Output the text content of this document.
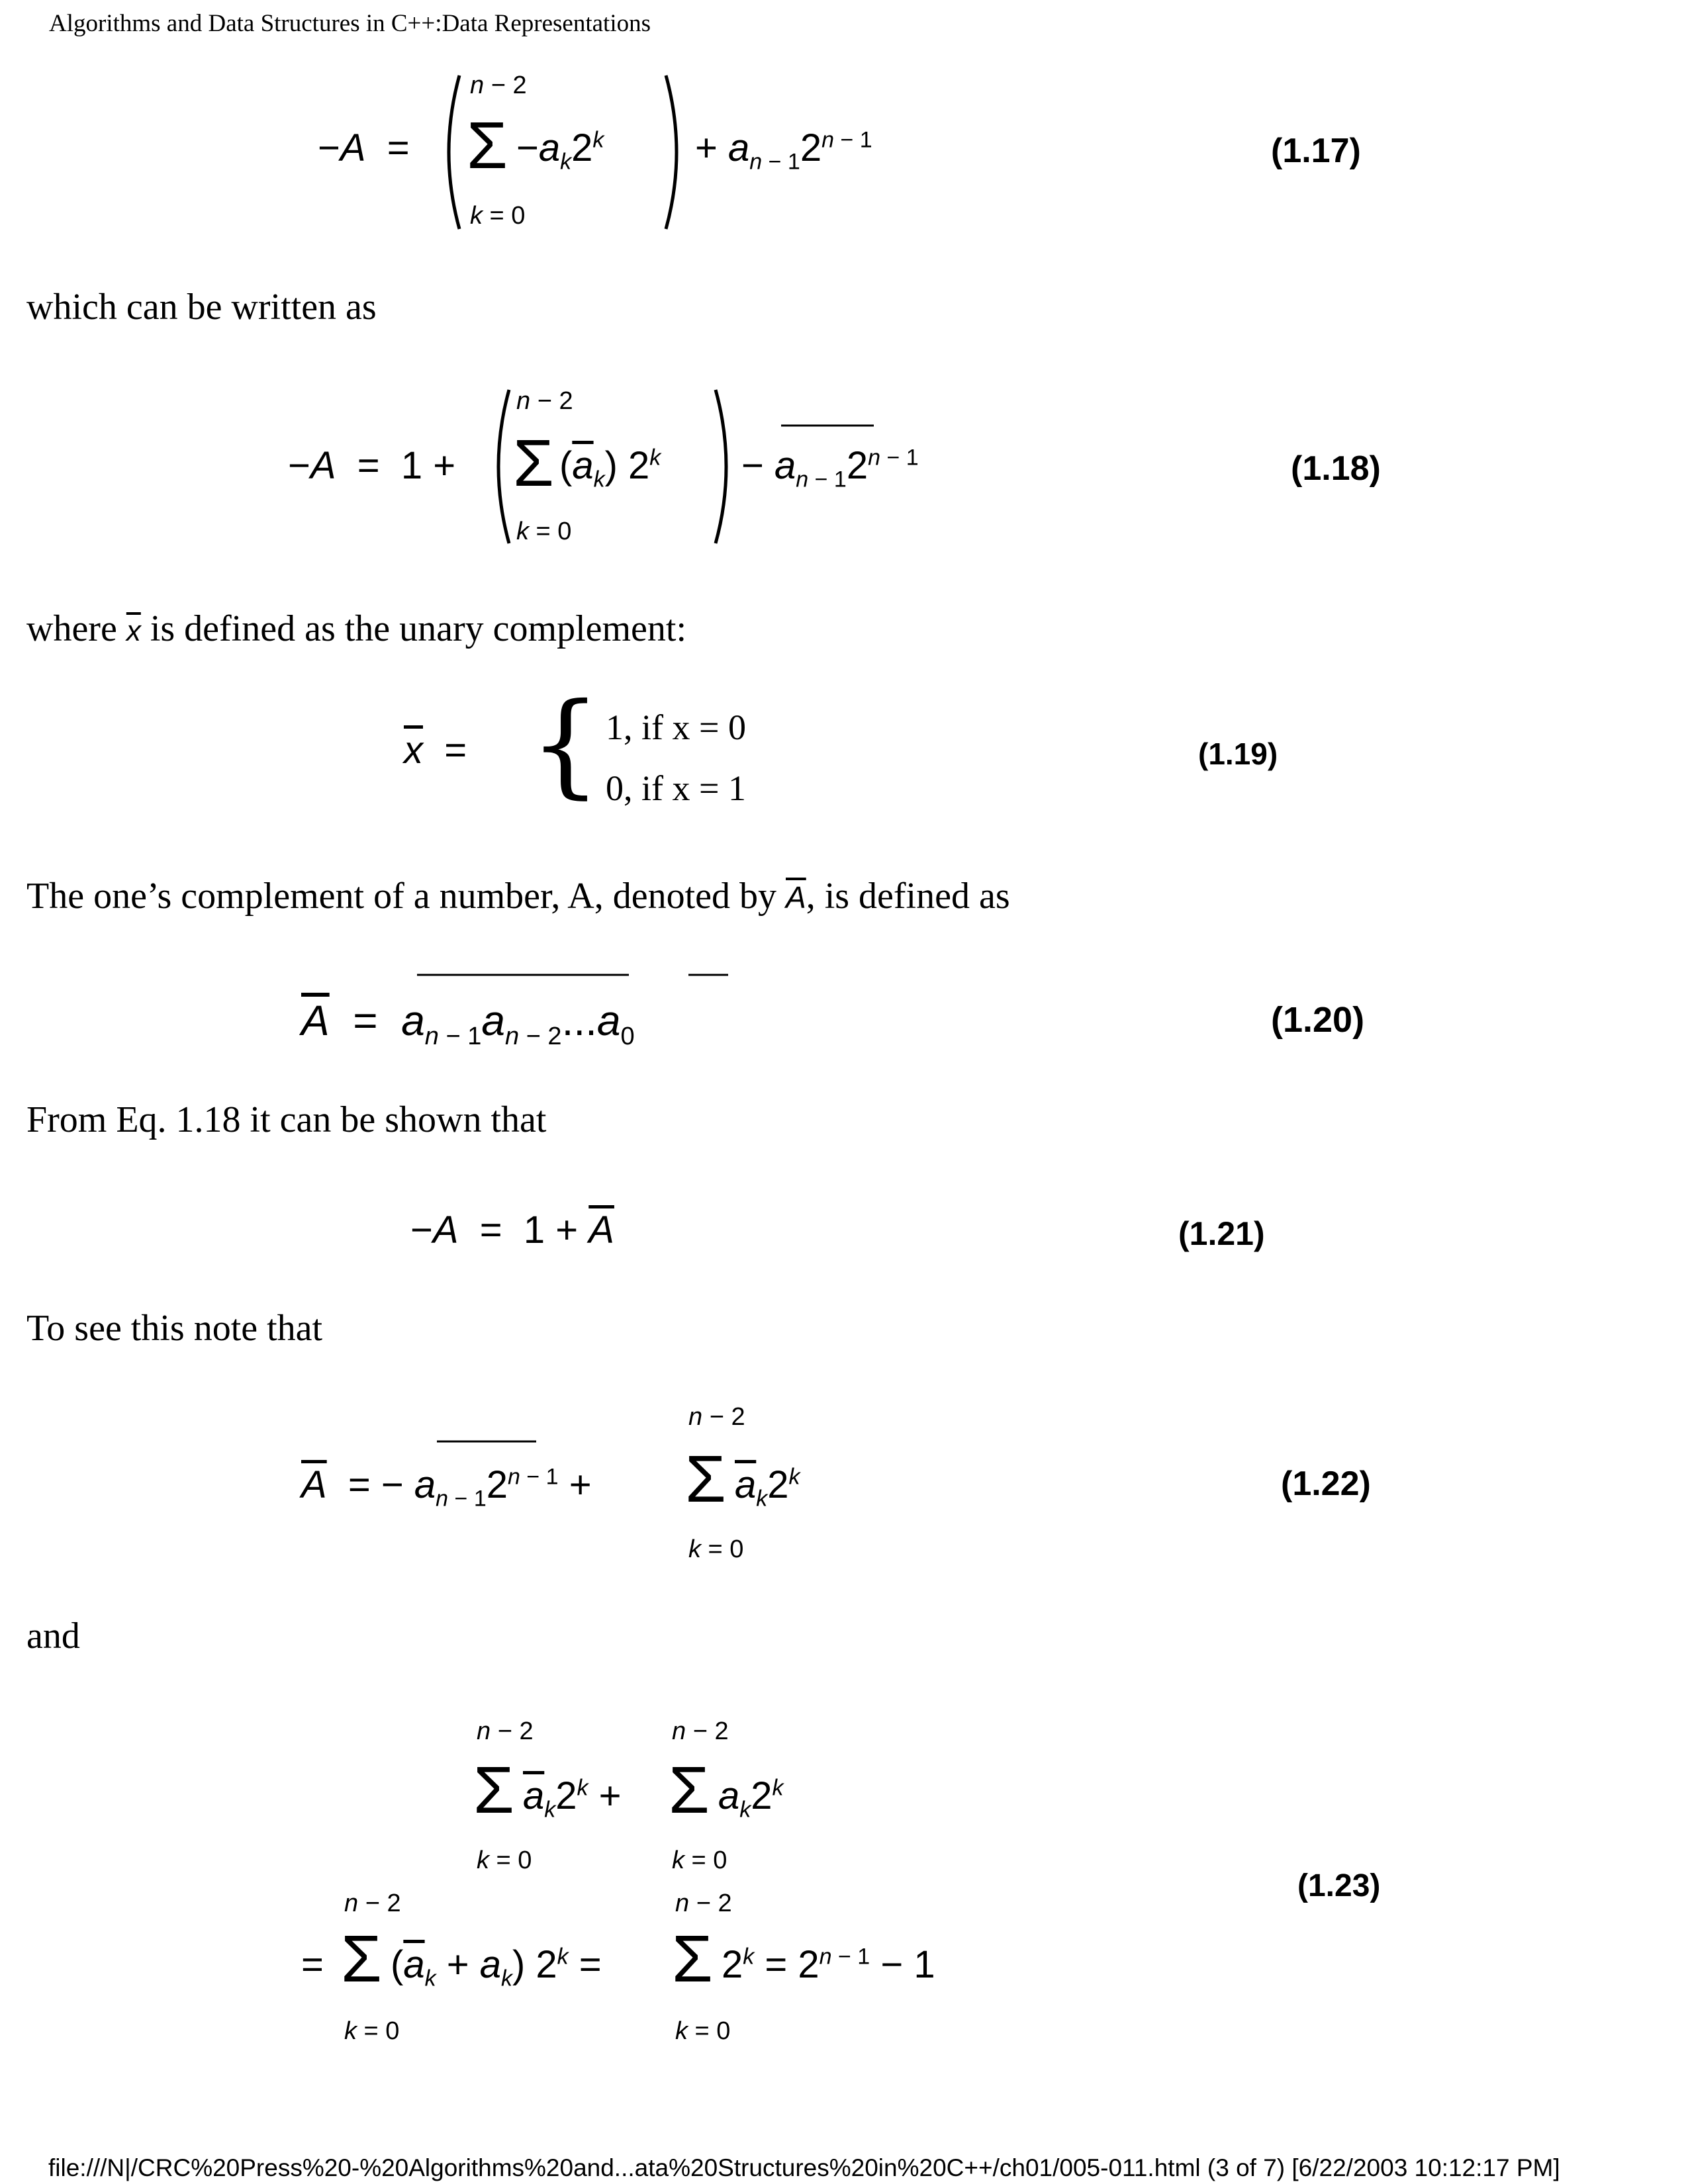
Algorithms and Data Structures in C++:Data Representations
−A  =
n − 2
Σ
k = 0
$-a_k2^k + a_{n - 1}2^{n - 1}$	(1.17)
which can be written as
−A  =  1 +
n − 2
Σ
k = 0
$(\overline{a}_k) 2^k - a_{n - 1}2^{n - 1}$	(1.18)
where $\overline{x}$ is defined as the unary complement:
$\overline{x}$  = { 1, if x = 0
0, if x = 1
(1.19)
The one’s complement of a number, A, denoted by $\overline{A}$, is defined as
$\overline{A} = a_{n - 1}a_{n - 2}...a_0$	(1.20)
From Eq. 1.18 it can be shown that
$-A = 1 + \overline{A}$	(1.21)
To see this note that
$\overline{A}$  = − $a_{n - 1}2^{n - 1}$ +
n − 2
Σ
k = 0
$\overline{a}_k2^k$	(1.22)
and
n − 2
Σ
k = 0
$\overline{a}_k2^k$ +
n − 2
Σ
k = 0
$a_k2^k$
=
n − 2
Σ
k = 0
$(\overline{a}_k + a_k) 2^k$ =
n − 2
Σ
k = 0
$2^k = 2^{n - 1} - 1$
(1.23)
file:///N|/CRC%20Press%20-%20Algorithms%20and...ata%20Structures%20in%20C++/ch01/005-011.html (3 of 7) [6/22/2003 10:12:17 PM]
